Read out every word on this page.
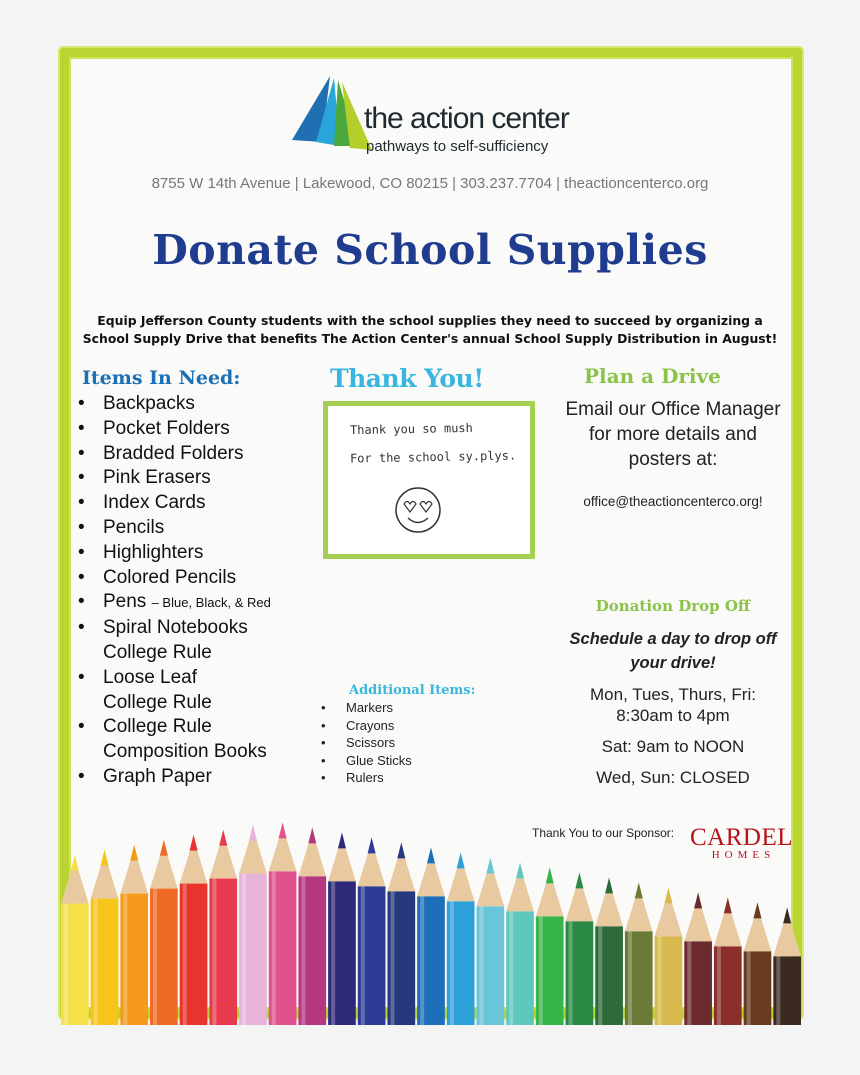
the action center
pathways to self-sufficiency
8755 W 14th Avenue | Lakewood, CO 80215 | 303.237.7704 | theactioncenterco.org
Donate School Supplies
Equip Jefferson County students with the school supplies they need to succeed by organizing a School Supply Drive that benefits The Action Center's annual School Supply Distribution in August!
Items In Need:
• Backpacks
• Pocket Folders
• Bradded Folders
• Pink Erasers
• Index Cards
• Pencils
• Highlighters
• Colored Pencils
• Pens – Blue, Black, & Red
• Spiral Notebooks
College Rule
• Loose Leaf
College Rule
• College Rule
Composition Books
• Graph Paper
Thank You!
Thank you so mush
For the school sy.plys.
Plan a Drive
Email our Office Manager for more details and posters at:
office@theactioncenterco.org!
Donation Drop Off
Schedule a day to drop off your drive!
Mon, Tues, Thurs, Fri: 8:30am to 4pm
Sat: 9am to NOON
Wed, Sun: CLOSED
Additional Items:
• Markers
• Crayons
• Scissors
• Glue Sticks
• Rulers
Thank You to our Sponsor: CARDEL
HOMES
